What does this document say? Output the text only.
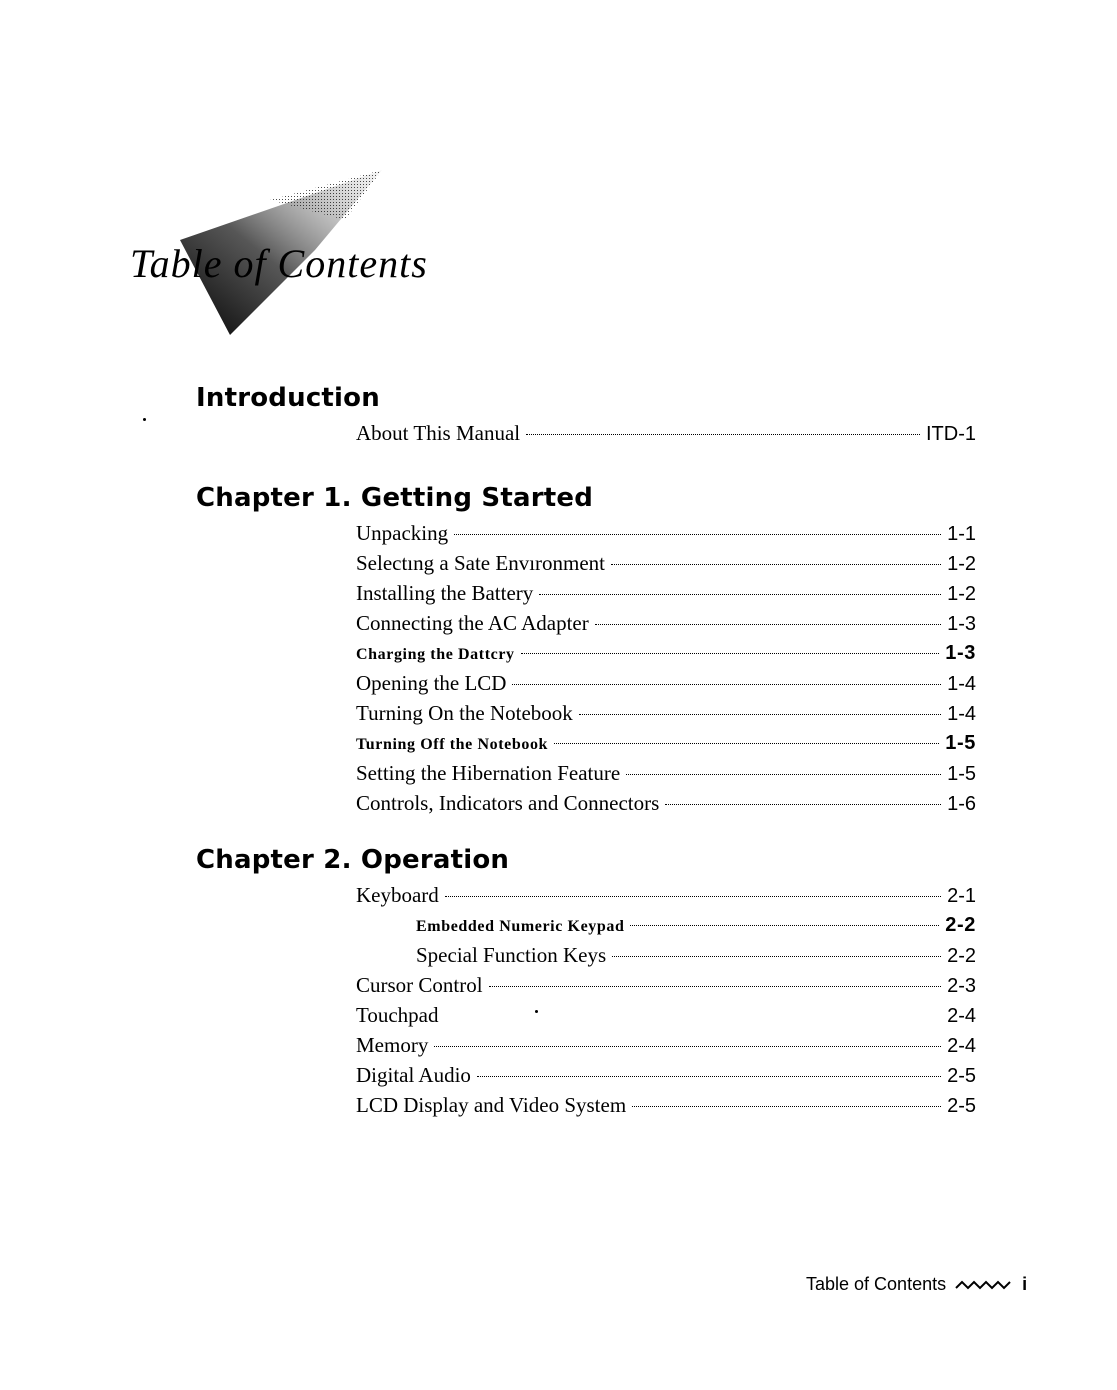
Table of Contents
Introduction
About This Manual	ITD-1
Chapter 1. Getting Started
Unpacking	1-1
Selectıng a Sate Envıronment	1-2
Installing the Battery	1-2
Connecting the AC Adapter	1-3
Charging the Dattcry	1-3
Opening the LCD	1-4
Turning On the Notebook	1-4
Turning Off the Notebook	1-5
Setting the Hibernation Feature	1-5
Controls, Indicators and Connectors	1-6
Chapter 2. Operation
Keyboard	2-1
Embedded Numeric Keypad	2-2
Special Function Keys	2-2
Cursor Control	2-3
Touchpad	2-4
Memory	2-4
Digital Audio	2-5
LCD Display and Video System	2-5
Table of Contents	i
